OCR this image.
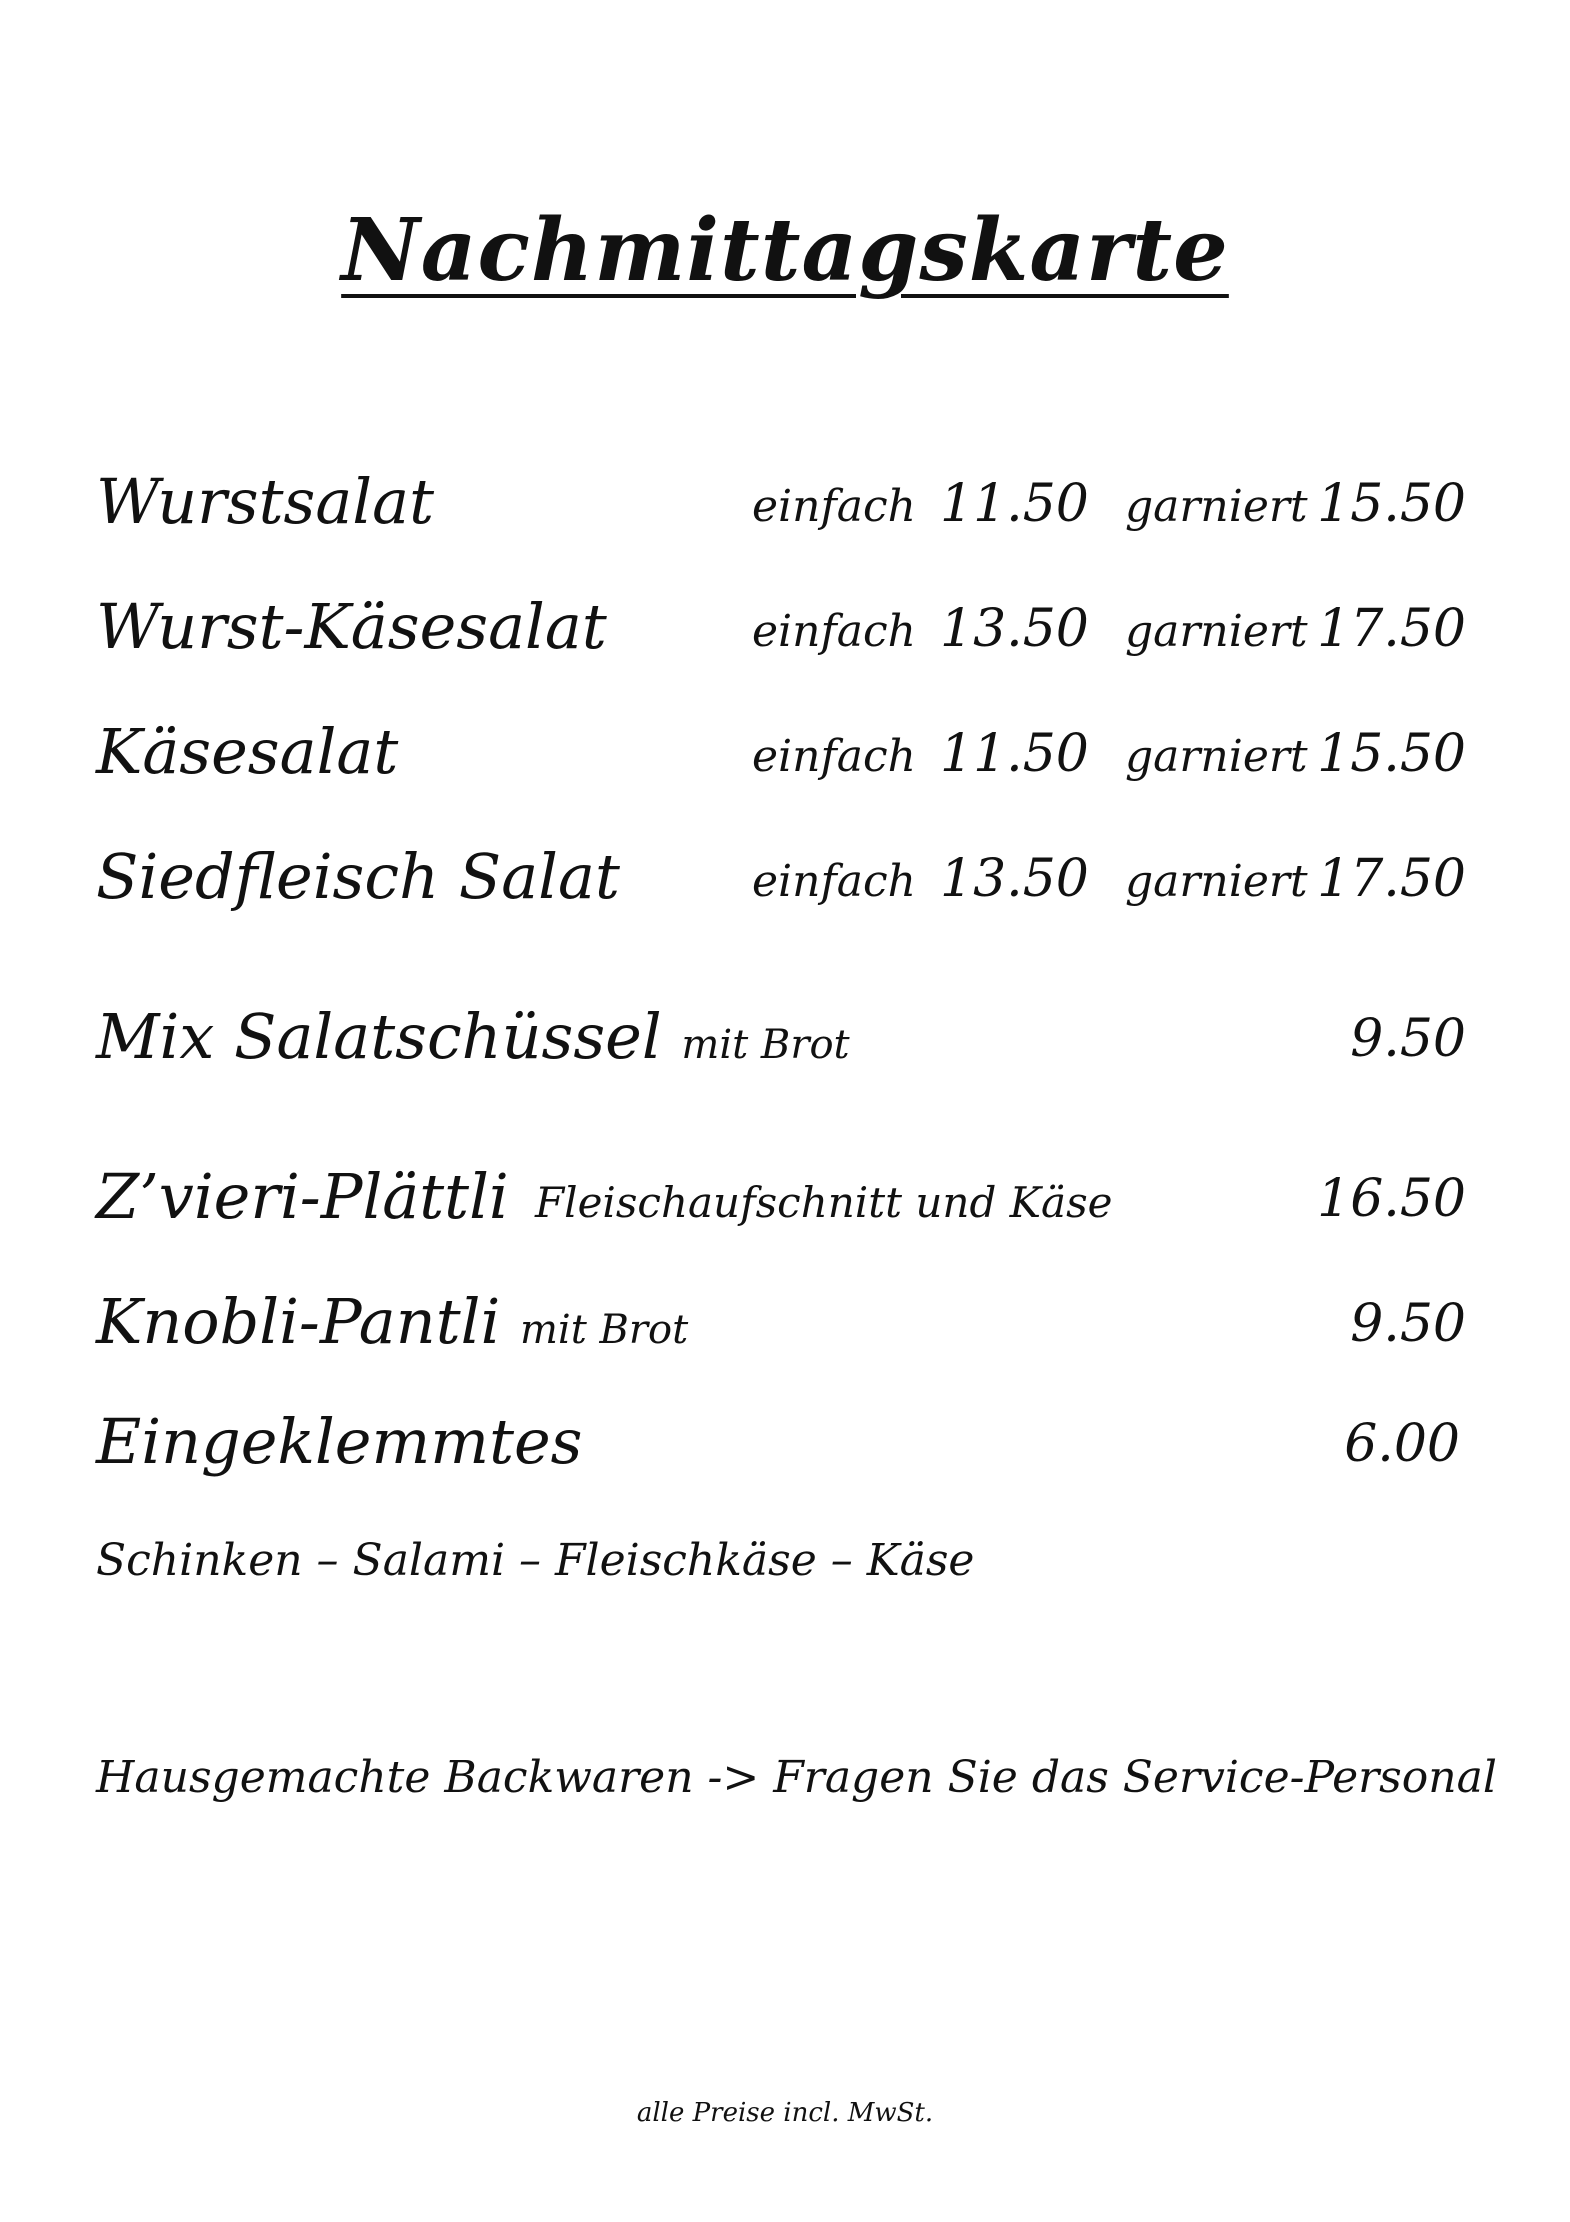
Nachmittagskarte
Wurstsalat	einfach 11.50 garniert 15.50
Wurst-Käsesalat	einfach 13.50 garniert 17.50
Käsesalat	einfach 11.50 garniert 15.50
Siedfleisch Salat	einfach 13.50 garniert 17.50
Mix Salatschüssel mit Brot	9.50
Z’vieri-Plättli Fleischaufschnitt und Käse	16.50
Knobli-Pantli mit Brot	9.50
Eingeklemmtes	6.00
Schinken – Salami – Fleischkäse – Käse
Hausgemachte Backwaren -> Fragen Sie das Service-Personal
alle Preise incl. MwSt.
